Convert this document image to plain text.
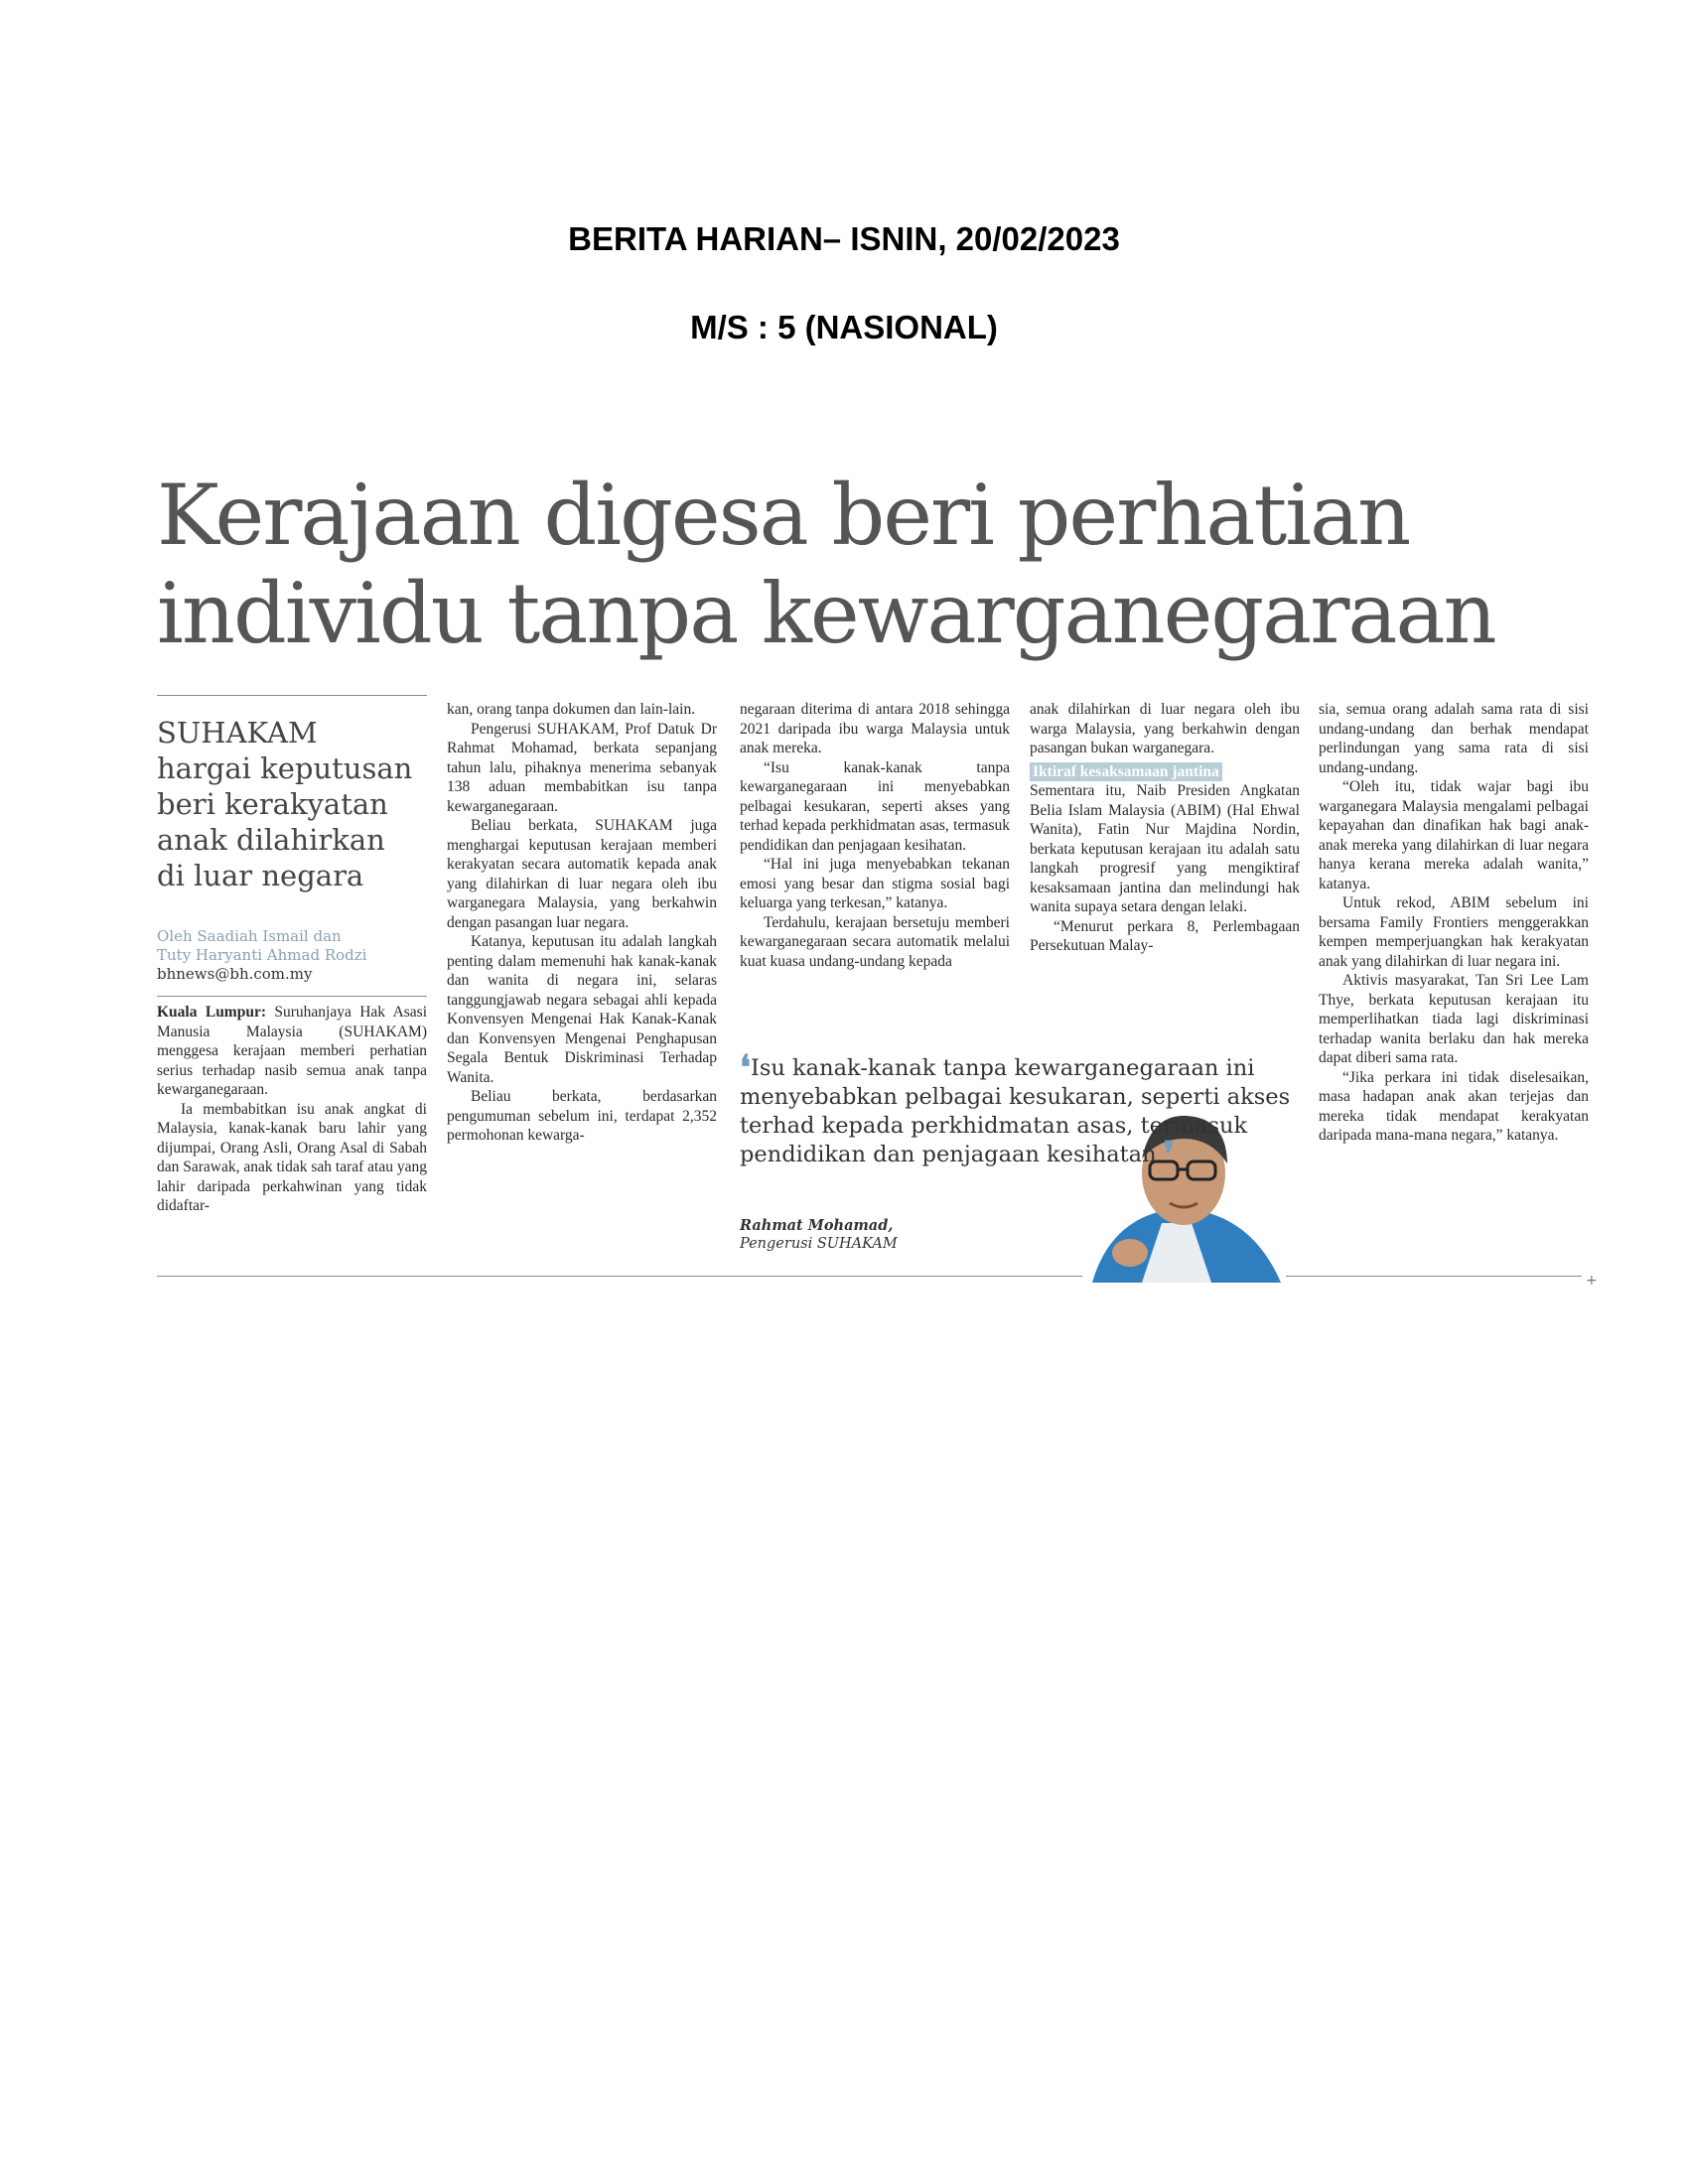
BERITA HARIAN– ISNIN, 20/02/2023
M/S : 5 (NASIONAL)
Kerajaan digesa beri perhatian
individu tanpa kewarganegaraan
SUHAKAM
hargai keputusan
beri kerakyatan
anak dilahirkan
di luar negara
Oleh Saadiah Ismail dan
Tuty Haryanti Ahmad Rodzi
bhnews@bh.com.my

Kuala Lumpur: Suruhanjaya Hak Asasi Manusia Malaysia (SUHAKAM) menggesa kerajaan memberi perhatian serius terhadap nasib semua anak tanpa kewarganegaraan.

Ia membabitkan isu anak angkat di Malaysia, kanak-kanak baru lahir yang dijumpai, Orang Asli, Orang Asal di Sabah dan Sarawak, anak tidak sah taraf atau yang lahir daripada perkahwinan yang tidak didaftar-

kan, orang tanpa dokumen dan lain-lain.

Pengerusi SUHAKAM, Prof Datuk Dr Rahmat Mohamad, berkata sepanjang tahun lalu, pihaknya menerima sebanyak 138 aduan membabitkan isu tanpa kewarganegaraan.

Beliau berkata, SUHAKAM juga menghargai keputusan kerajaan memberi kerakyatan secara automatik kepada anak yang dilahirkan di luar negara oleh ibu warganegara Malaysia, yang berkahwin dengan pasangan luar negara.

Katanya, keputusan itu adalah langkah penting dalam memenuhi hak kanak-kanak dan wanita di negara ini, selaras tanggungjawab negara sebagai ahli kepada Konvensyen Mengenai Hak Kanak-Kanak dan Konvensyen Mengenai Penghapusan Segala Bentuk Diskriminasi Terhadap Wanita.

Beliau berkata, berdasarkan pengumuman sebelum ini, terdapat 2,352 permohonan kewarga-

negaraan diterima di antara 2018 sehingga 2021 daripada ibu warga Malaysia untuk anak mereka.

“Isu kanak-kanak tanpa kewarganegaraan ini menyebabkan pelbagai kesukaran, seperti akses yang terhad kepada perkhidmatan asas, termasuk pendidikan dan penjagaan kesihatan.

“Hal ini juga menyebabkan tekanan emosi yang besar dan stigma sosial bagi keluarga yang terkesan,” katanya.

Terdahulu, kerajaan bersetuju memberi kewarganegaraan secara automatik melalui kuat kuasa undang-undang kepada

anak dilahirkan di luar negara oleh ibu warga Malaysia, yang berkahwin dengan pasangan bukan warganegara.

Iktiraf kesaksamaan jantina

Sementara itu, Naib Presiden Angkatan Belia Islam Malaysia (ABIM) (Hal Ehwal Wanita), Fatin Nur Majdina Nordin, berkata keputusan kerajaan itu adalah satu langkah progresif yang mengiktiraf kesaksamaan jantina dan melindungi hak wanita supaya setara dengan lelaki.

“Menurut perkara 8, Perlembagaan Persekutuan Malay-

sia, semua orang adalah sama rata di sisi undang-undang dan berhak mendapat perlindungan yang sama rata di sisi undang-undang.

“Oleh itu, tidak wajar bagi ibu warganegara Malaysia mengalami pelbagai kepayahan dan dinafikan hak bagi anak-anak mereka yang dilahirkan di luar negara hanya kerana mereka adalah wanita,” katanya.

Untuk rekod, ABIM sebelum ini bersama Family Frontiers menggerakkan kempen memperjuangkan hak kerakyatan anak yang dilahirkan di luar negara ini.

Aktivis masyarakat, Tan Sri Lee Lam Thye, berkata keputusan kerajaan itu memperlihatkan tiada lagi diskriminasi terhadap wanita berlaku dan hak mereka dapat diberi sama rata.

“Jika perkara ini tidak diselesaikan, masa hadapan anak akan terjejas dan mereka tidak mendapat kerakyatan daripada mana-mana negara,” katanya.

❛Isu kanak-kanak tanpa kewarganegaraan ini menyebabkan pelbagai kesukaran, seperti akses terhad kepada perkhidmatan asas, termasuk pendidikan dan penjagaan kesihatan ❜
Rahmat Mohamad,
Pengerusi SUHAKAM
+
